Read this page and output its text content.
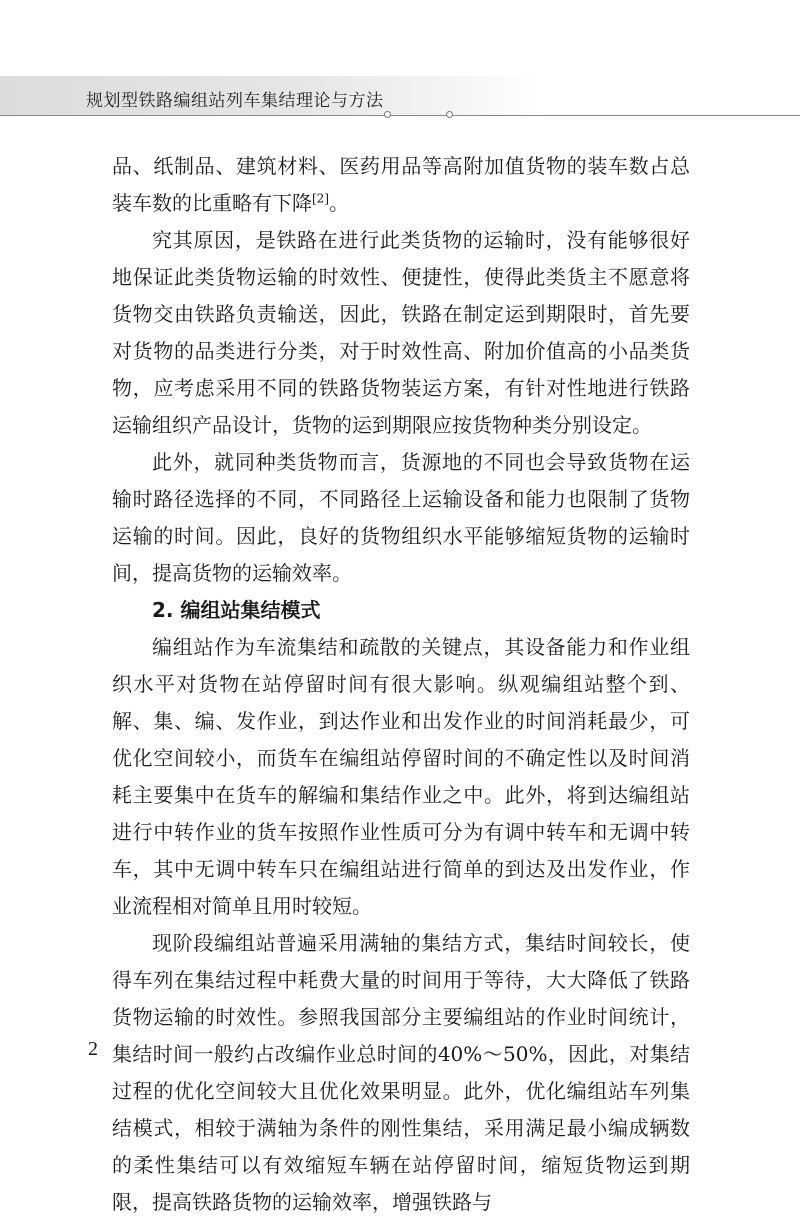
规划型铁路编组站列车集结理论与方法

品、纸制品、建筑材料、医药用品等高附加值货物的装车数占总装车数的比重略有下降[2]。

究其原因，是铁路在进行此类货物的运输时，没有能够很好地保证此类货物运输的时效性、便捷性，使得此类货主不愿意将货物交由铁路负责输送，因此，铁路在制定运到期限时，首先要对货物的品类进行分类，对于时效性高、附加价值高的小品类货物，应考虑采用不同的铁路货物装运方案，有针对性地进行铁路运输组织产品设计，货物的运到期限应按货物种类分别设定。

此外，就同种类货物而言，货源地的不同也会导致货物在运输时路径选择的不同，不同路径上运输设备和能力也限制了货物运输的时间。因此，良好的货物组织水平能够缩短货物的运输时间，提高货物的运输效率。

2. 编组站集结模式

编组站作为车流集结和疏散的关键点，其设备能力和作业组织水平对货物在站停留时间有很大影响。纵观编组站整个到、解、集、编、发作业，到达作业和出发作业的时间消耗最少，可优化空间较小，而货车在编组站停留时间的不确定性以及时间消耗主要集中在货车的解编和集结作业之中。此外，将到达编组站进行中转作业的货车按照作业性质可分为有调中转车和无调中转车，其中无调中转车只在编组站进行简单的到达及出发作业，作业流程相对简单且用时较短。

现阶段编组站普遍采用满轴的集结方式，集结时间较长，使得车列在集结过程中耗费大量的时间用于等待，大大降低了铁路货物运输的时效性。参照我国部分主要编组站的作业时间统计，集结时间一般约占改编作业总时间的40%～50%，因此，对集结过程的优化空间较大且优化效果明显。此外，优化编组站车列集结模式，相较于满轴为条件的刚性集结，采用满足最小编成辆数的柔性集结可以有效缩短车辆在站停留时间，缩短货物运到期限，提高铁路货物的运输效率，增强铁路与

2
